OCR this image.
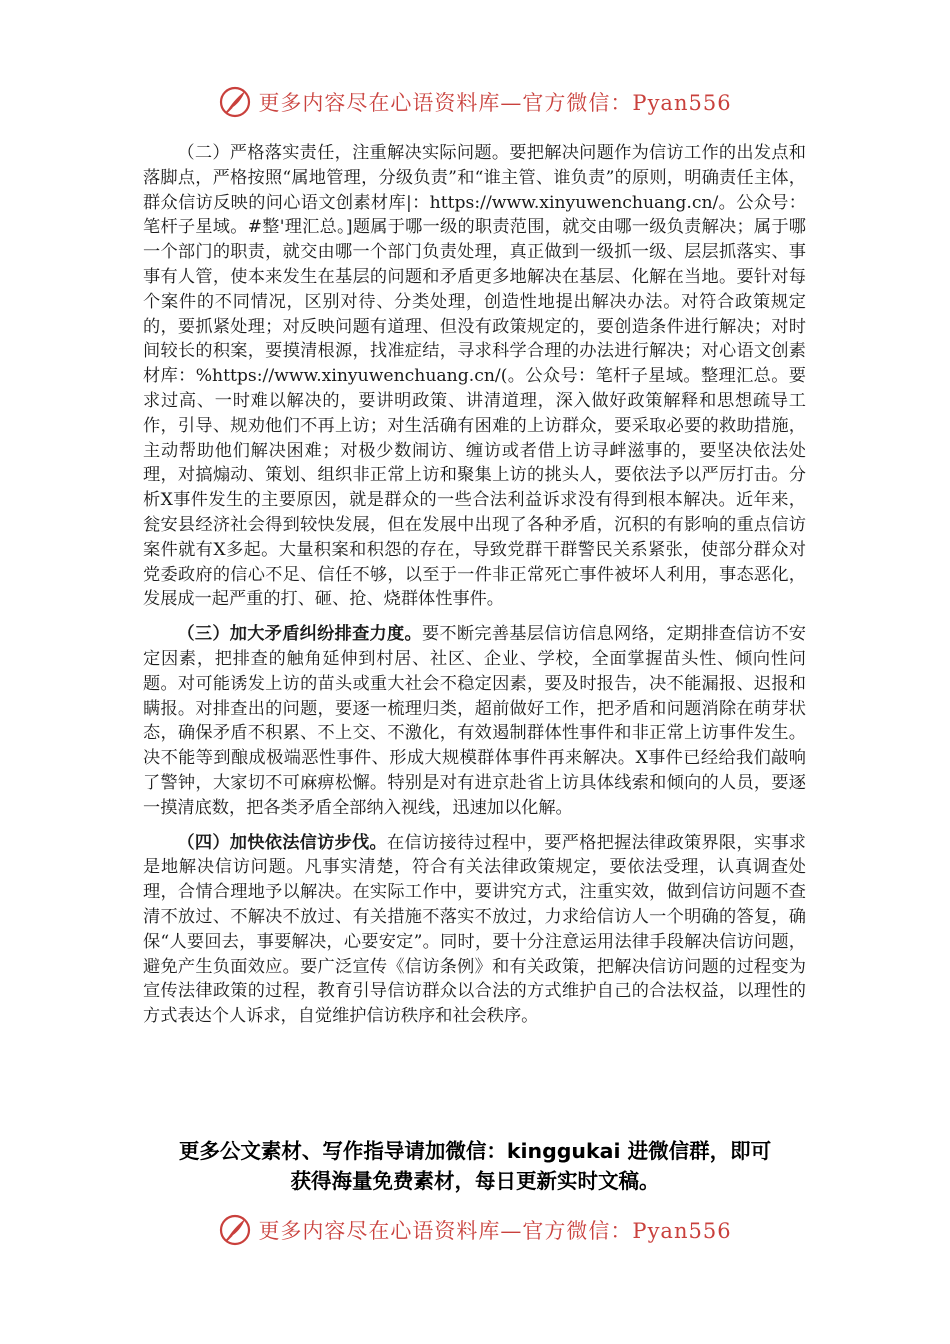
更多内容尽在心语资料库—官方微信：Pyan556

（二）严格落实责任，注重解决实际问题。要把解决问题作为信访工作的出发点和落脚点，严格按照“属地管理，分级负责”和“谁主管、谁负责”的原则，明确责任主体，群众信访反映的问心语文创素材库|：https://www.xinyuwenchuang.cn/。公众号：笔杆子星域。#整'理汇总。]题属于哪一级的职责范围，就交由哪一级负责解决；属于哪一个部门的职责，就交由哪一个部门负责处理，真正做到一级抓一级、层层抓落实、事事有人管，使本来发生在基层的问题和矛盾更多地解决在基层、化解在当地。要针对每个案件的不同情况，区别对待、分类处理，创造性地提出解决办法。对符合政策规定的，要抓紧处理；对反映问题有道理、但没有政策规定的，要创造条件进行解决；对时间较长的积案，要摸清根源，找准症结，寻求科学合理的办法进行解决；对心语文创素材库：%https://www.xinyuwenchuang.cn/(。公众号：笔杆子星域。整理汇总。要求过高、一时难以解决的，要讲明政策、讲清道理，深入做好政策解释和思想疏导工作，引导、规劝他们不再上访；对生活确有困难的上访群众，要采取必要的救助措施，主动帮助他们解决困难；对极少数闹访、缠访或者借上访寻衅滋事的，要坚决依法处理，对搞煽动、策划、组织非正常上访和聚集上访的挑头人，要依法予以严厉打击。分析X事件发生的主要原因，就是群众的一些合法利益诉求没有得到根本解决。近年来，瓮安县经济社会得到较快发展，但在发展中出现了各种矛盾，沉积的有影响的重点信访案件就有X多起。大量积案和积怨的存在，导致党群干群警民关系紧张，使部分群众对党委政府的信心不足、信任不够，以至于一件非正常死亡事件被坏人利用，事态恶化，发展成一起严重的打、砸、抢、烧群体性事件。

（三）加大矛盾纠纷排查力度。要不断完善基层信访信息网络，定期排查信访不安定因素，把排查的触角延伸到村居、社区、企业、学校，全面掌握苗头性、倾向性问题。对可能诱发上访的苗头或重大社会不稳定因素，要及时报告，决不能漏报、迟报和瞒报。对排查出的问题，要逐一梳理归类，超前做好工作，把矛盾和问题消除在萌芽状态，确保矛盾不积累、不上交、不激化，有效遏制群体性事件和非正常上访事件发生。决不能等到酿成极端恶性事件、形成大规模群体事件再来解决。X事件已经给我们敲响了警钟，大家切不可麻痹松懈。特别是对有进京赴省上访具体线索和倾向的人员，要逐一摸清底数，把各类矛盾全部纳入视线，迅速加以化解。

（四）加快依法信访步伐。在信访接待过程中，要严格把握法律政策界限，实事求是地解决信访问题。凡事实清楚，符合有关法律政策规定，要依法受理，认真调查处理，合情合理地予以解决。在实际工作中，要讲究方式，注重实效，做到信访问题不查清不放过、不解决不放过、有关措施不落实不放过，力求给信访人一个明确的答复，确保“人要回去，事要解决，心要安定”。同时，要十分注意运用法律手段解决信访问题，避免产生负面效应。要广泛宣传《信访条例》和有关政策，把解决信访问题的过程变为宣传法律政策的过程，教育引导信访群众以合法的方式维护自己的合法权益，以理性的方式表达个人诉求，自觉维护信访秩序和社会秩序。

更多公文素材、写作指导请加微信：kinggukai 进微信群，即可
获得海量免费素材，每日更新实时文稿。
更多内容尽在心语资料库—官方微信：Pyan556
